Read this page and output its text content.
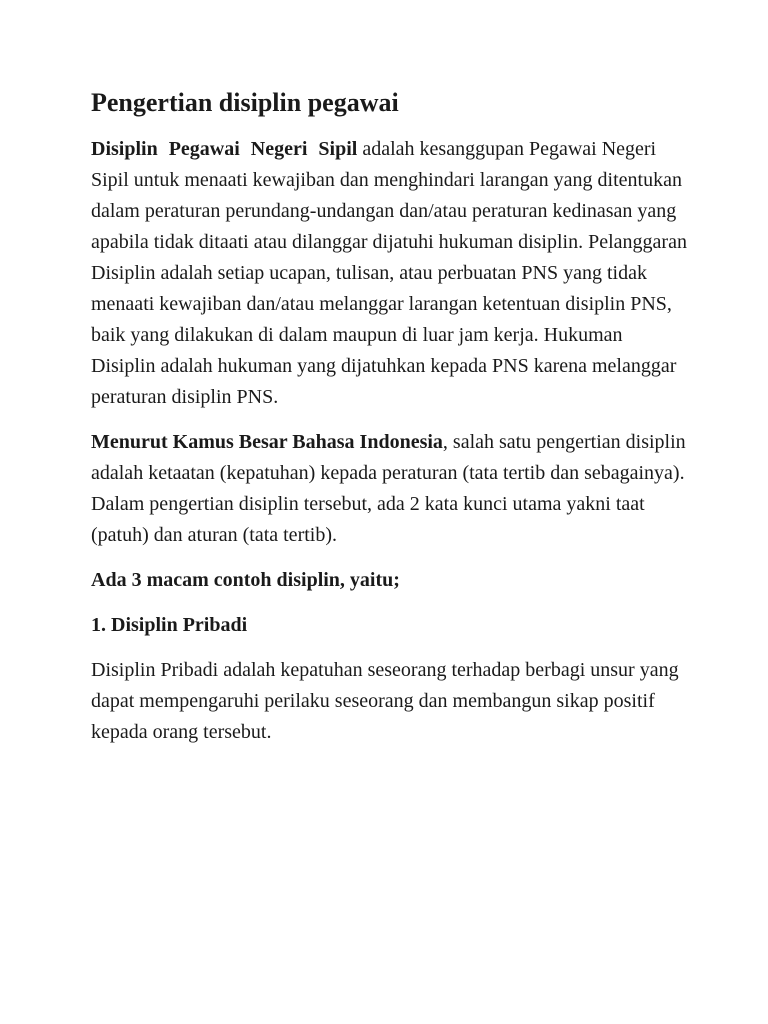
Pengertian disiplin pegawai

Disiplin Pegawai Negeri Sipil adalah kesanggupan Pegawai Negeri Sipil untuk menaati kewajiban dan menghindari larangan yang ditentukan dalam peraturan perundang-undangan dan/atau peraturan kedinasan yang apabila tidak ditaati atau dilanggar dijatuhi hukuman disiplin. Pelanggaran Disiplin adalah setiap ucapan, tulisan, atau perbuatan PNS yang tidak menaati kewajiban dan/atau melanggar larangan ketentuan disiplin PNS, baik yang dilakukan di dalam maupun di luar jam kerja. Hukuman Disiplin adalah hukuman yang dijatuhkan kepada PNS karena melanggar peraturan disiplin PNS.

Menurut Kamus Besar Bahasa Indonesia, salah satu pengertian disiplin adalah ketaatan (kepatuhan) kepada peraturan (tata tertib dan sebagainya). Dalam pengertian disiplin tersebut, ada 2 kata kunci utama yakni taat (patuh) dan aturan (tata tertib).

Ada 3 macam contoh disiplin, yaitu;
1. Disiplin Pribadi

Disiplin Pribadi adalah kepatuhan seseorang terhadap berbagi unsur yang dapat mempengaruhi perilaku seseorang dan membangun sikap positif kepada orang tersebut.
